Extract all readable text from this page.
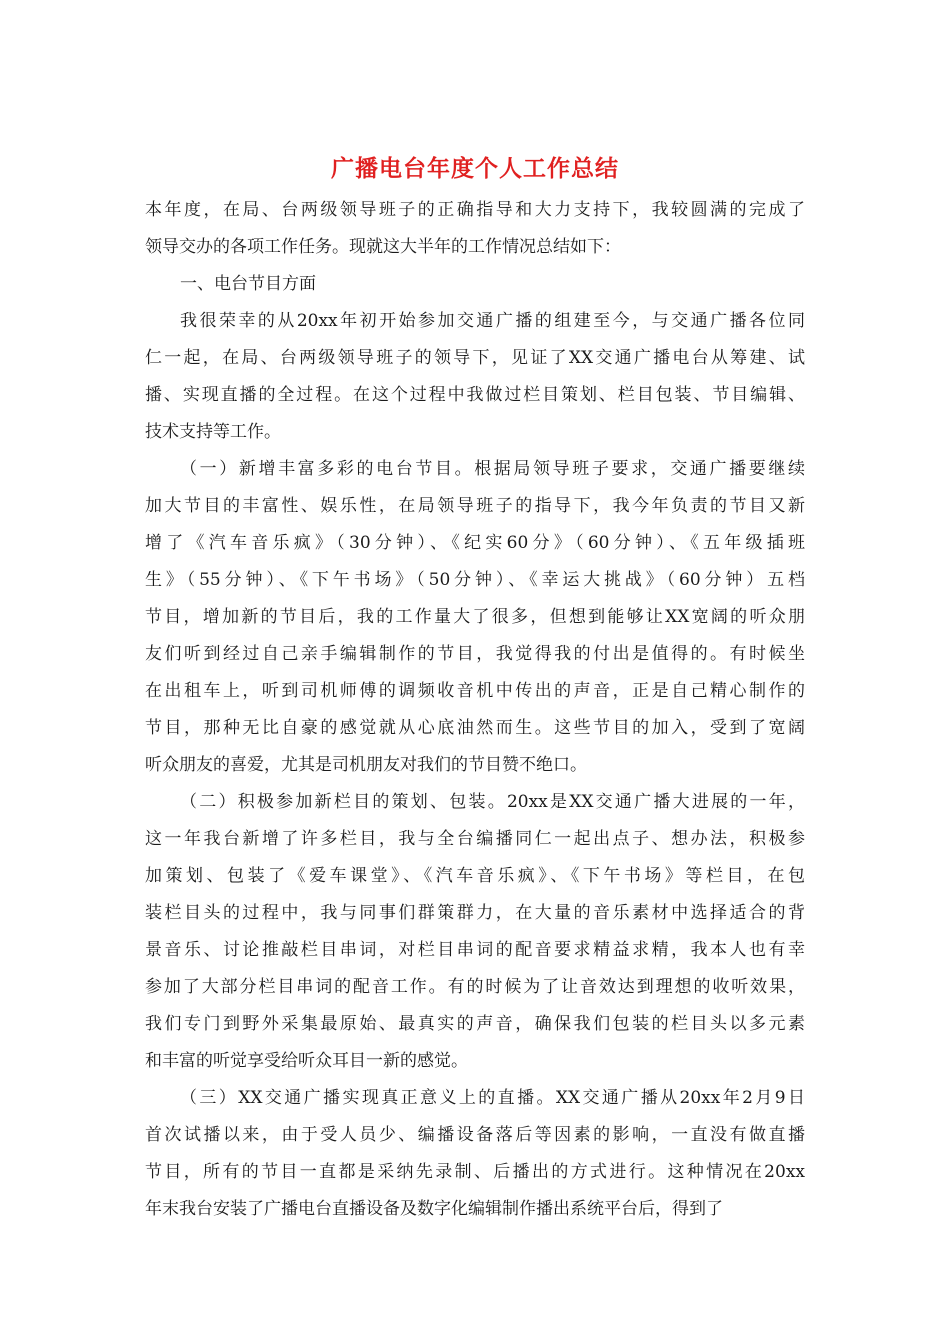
广播电台年度个人工作总结
本年度，在局、台两级领导班子的正确指导和大力支持下，我较圆满的完成了
领导交办的各项工作任务。现就这大半年的工作情况总结如下：
一、电台节目方面
我很荣幸的从20xx年初开始参加交通广播的组建至今，与交通广播各位同
仁一起，在局、台两级领导班子的领导下，见证了XX交通广播电台从筹建、试
播、实现直播的全过程。在这个过程中我做过栏目策划、栏目包装、节目编辑、
技术支持等工作。
（一）新增丰富多彩的电台节目。根据局领导班子要求，交通广播要继续
加大节目的丰富性、娱乐性，在局领导班子的指导下，我今年负责的节目又新
增了《汽车音乐疯》（30分钟）、《纪实60分》（60分钟）、《五年级插班
生》（55分钟）、《下午书场》（50分钟）、《幸运大挑战》（60分钟）五档
节目，增加新的节目后，我的工作量大了很多，但想到能够让XX宽阔的听众朋
友们听到经过自己亲手编辑制作的节目，我觉得我的付出是值得的。有时候坐
在出租车上，听到司机师傅的调频收音机中传出的声音，正是自己精心制作的
节目，那种无比自豪的感觉就从心底油然而生。这些节目的加入，受到了宽阔
听众朋友的喜爱，尤其是司机朋友对我们的节目赞不绝口。
（二）积极参加新栏目的策划、包装。20xx是XX交通广播大进展的一年，
这一年我台新增了许多栏目，我与全台编播同仁一起出点子、想办法，积极参
加策划、包装了《爱车课堂》、《汽车音乐疯》、《下午书场》等栏目，在包
装栏目头的过程中，我与同事们群策群力，在大量的音乐素材中选择适合的背
景音乐、讨论推敲栏目串词，对栏目串词的配音要求精益求精，我本人也有幸
参加了大部分栏目串词的配音工作。有的时候为了让音效达到理想的收听效果，
我们专门到野外采集最原始、最真实的声音，确保我们包装的栏目头以多元素
和丰富的听觉享受给听众耳目一新的感觉。
（三）XX交通广播实现真正意义上的直播。XX交通广播从20xx年2月9日
首次试播以来，由于受人员少、编播设备落后等因素的影响，一直没有做直播
节目，所有的节目一直都是采纳先录制、后播出的方式进行。这种情况在20xx
年末我台安装了广播电台直播设备及数字化编辑制作播出系统平台后，得到了
